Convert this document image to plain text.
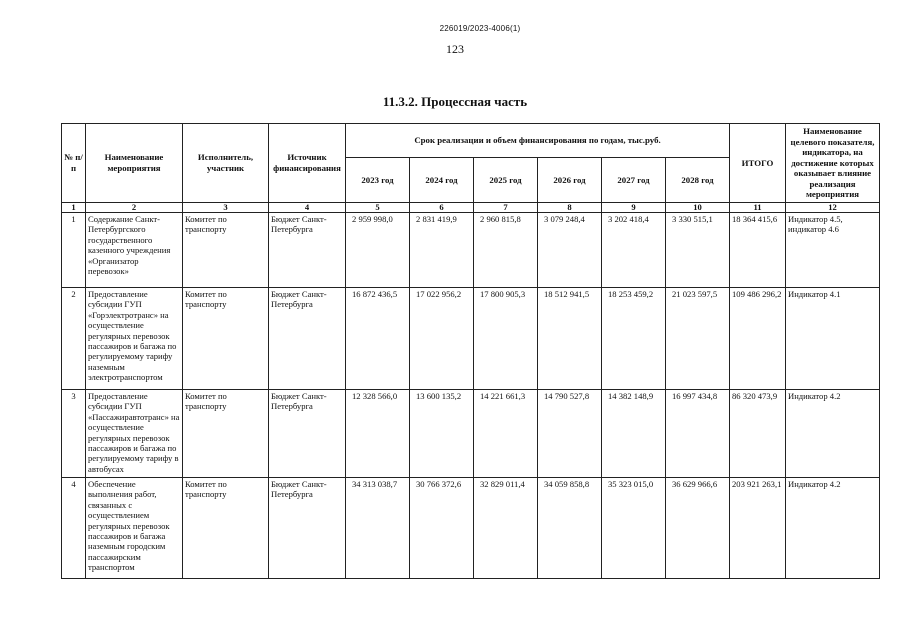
226019/2023-4006(1)
123
11.3.2. Процессная часть
№ п/п	Наименование мероприятия	Исполнитель, участник	Источник финансирования	Срок реализации и объем финансирования по годам, тыс.руб.						ИТОГО	Наименование целевого показателя, индикатора, на достижение которых оказывает влияние реализация мероприятия
				2023 год	2024 год	2025 год	2026 год	2027 год	2028 год		
1	2	3	4	5	6	7	8	9	10	11	12
1	Содержание Санкт-Петербургского государственного казенного учреждения «Организатор перевозок»	Комитет по транспорту	Бюджет Санкт-Петербурга	2 959 998,0	2 831 419,9	2 960 815,8	3 079 248,4	3 202 418,4	3 330 515,1	18 364 415,6	Индикатор 4.5, индикатор 4.6
2	Предоставление субсидии ГУП «Горэлектротранс» на осуществление регулярных перевозок пассажиров и багажа по регулируемому тарифу наземным электротранспортом	Комитет по транспорту	Бюджет Санкт-Петербурга	16 872 436,5	17 022 956,2	17 800 905,3	18 512 941,5	18 253 459,2	21 023 597,5	109 486 296,2	Индикатор 4.1
3	Предоставление субсидии ГУП «Пассажиравтотранс» на осуществление регулярных перевозок пассажиров и багажа по регулируемому тарифу в автобусах	Комитет по транспорту	Бюджет Санкт-Петербурга	12 328 566,0	13 600 135,2	14 221 661,3	14 790 527,8	14 382 148,9	16 997 434,8	86 320 473,9	Индикатор 4.2
4	Обеспечение выполнения работ, связанных с осуществлением регулярных перевозок пассажиров и багажа наземным городским пассажирским транспортом	Комитет по транспорту	Бюджет Санкт-Петербурга	34 313 038,7	30 766 372,6	32 829 011,4	34 059 858,8	35 323 015,0	36 629 966,6	203 921 263,1	Индикатор 4.2
